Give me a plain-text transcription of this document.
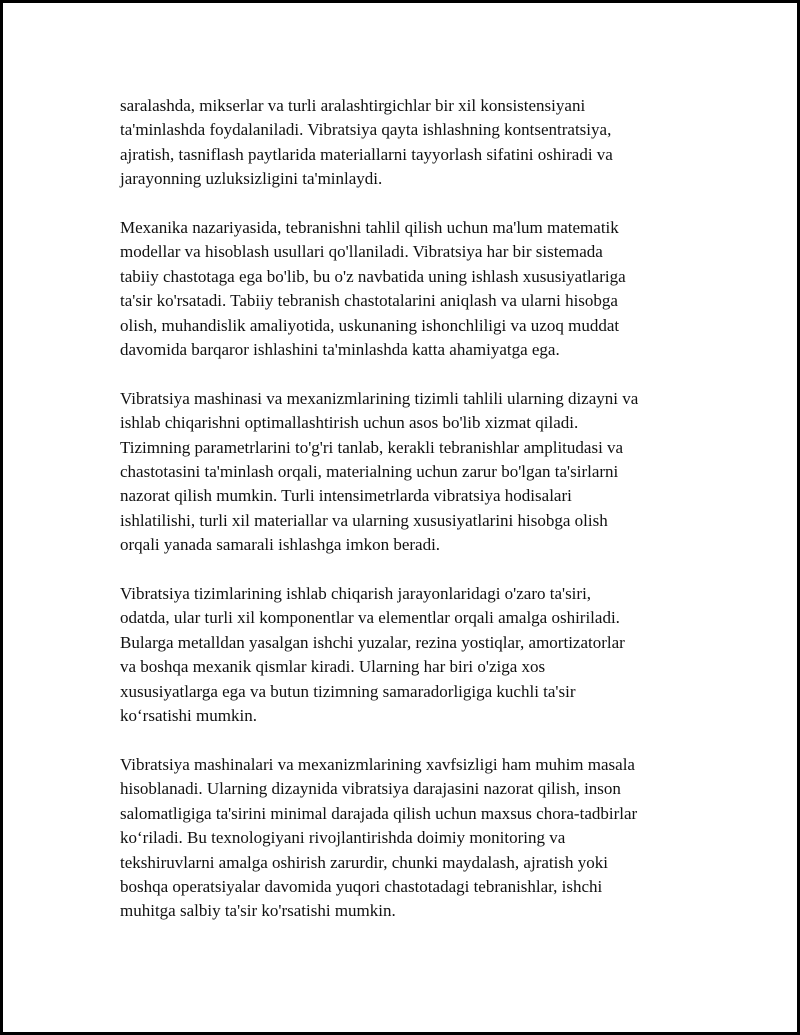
saralashda, mikserlar va turli aralashtirgichlar bir xil konsistensiyani
ta'minlashda foydalaniladi. Vibratsiya qayta ishlashning kontsentratsiya,
ajratish, tasniflash paytlarida materiallarni tayyorlash sifatini oshiradi va
jarayonning uzluksizligini ta'minlaydi.

Mexanika nazariyasida, tebranishni tahlil qilish uchun ma'lum matematik
modellar va hisoblash usullari qo'llaniladi. Vibratsiya har bir sistemada
tabiiy chastotaga ega bo'lib, bu o'z navbatida uning ishlash xususiyatlariga
ta'sir ko'rsatadi. Tabiiy tebranish chastotalarini aniqlash va ularni hisobga
olish, muhandislik amaliyotida, uskunaning ishonchliligi va uzoq muddat
davomida barqaror ishlashini ta'minlashda katta ahamiyatga ega.

Vibratsiya mashinasi va mexanizmlarining tizimli tahlili ularning dizayni va
ishlab chiqarishni optimallashtirish uchun asos bo'lib xizmat qiladi.
Tizimning parametrlarini to'g'ri tanlab, kerakli tebranishlar amplitudasi va
chastotasini ta'minlash orqali, materialning uchun zarur bo'lgan ta'sirlarni
nazorat qilish mumkin. Turli intensimetrlarda vibratsiya hodisalari
ishlatilishi, turli xil materiallar va ularning xususiyatlarini hisobga olish
orqali yanada samarali ishlashga imkon beradi.

Vibratsiya tizimlarining ishlab chiqarish jarayonlaridagi o'zaro ta'siri,
odatda, ular turli xil komponentlar va elementlar orqali amalga oshiriladi.
Bularga metalldan yasalgan ishchi yuzalar, rezina yostiqlar, amortizatorlar
va boshqa mexanik qismlar kiradi. Ularning har biri o'ziga xos
xususiyatlarga ega va butun tizimning samaradorligiga kuchli ta'sir
ko‘rsatishi mumkin.

Vibratsiya mashinalari va mexanizmlarining xavfsizligi ham muhim masala
hisoblanadi. Ularning dizaynida vibratsiya darajasini nazorat qilish, inson
salomatligiga ta'sirini minimal darajada qilish uchun maxsus chora-tadbirlar
ko‘riladi. Bu texnologiyani rivojlantirishda doimiy monitoring va
tekshiruvlarni amalga oshirish zarurdir, chunki maydalash, ajratish yoki
boshqa operatsiyalar davomida yuqori chastotadagi tebranishlar, ishchi
muhitga salbiy ta'sir ko'rsatishi mumkin.
